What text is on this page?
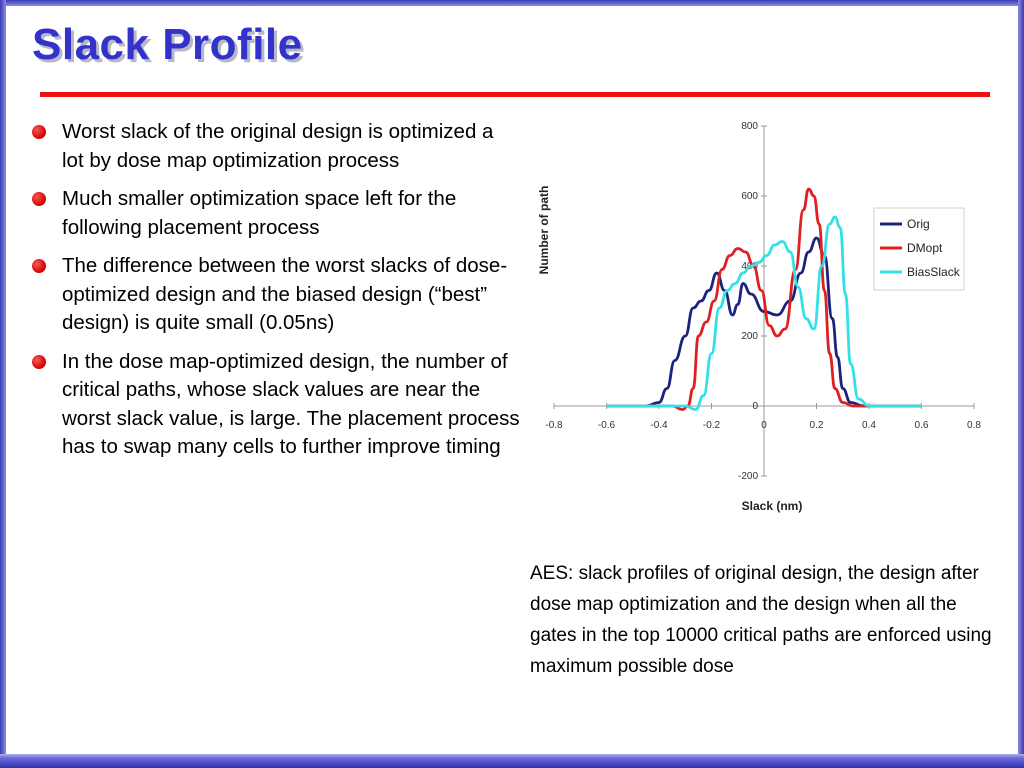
Slack Profile
Worst slack of the original design is optimized a lot by dose map optimization process
Much smaller optimization space left for the following placement process
The difference between the worst slacks of dose-optimized design and the biased design (“best” design) is quite small (0.05ns)
In the dose map-optimized design, the number of critical paths, whose slack values are near the worst slack value, is large. The placement process has to swap many cells to further improve timing
-0.8	-0.6	-0.4	-0.2	0	0.2	0.4	0.6	0.8
-200
0
200
400
600
800
Orig
DMopt
BiasSlack
Slack (nm)
Number of path
AES: slack profiles of original design, the design after dose map optimization and the design when all the gates in the top 10000 critical paths are enforced using maximum possible dose
